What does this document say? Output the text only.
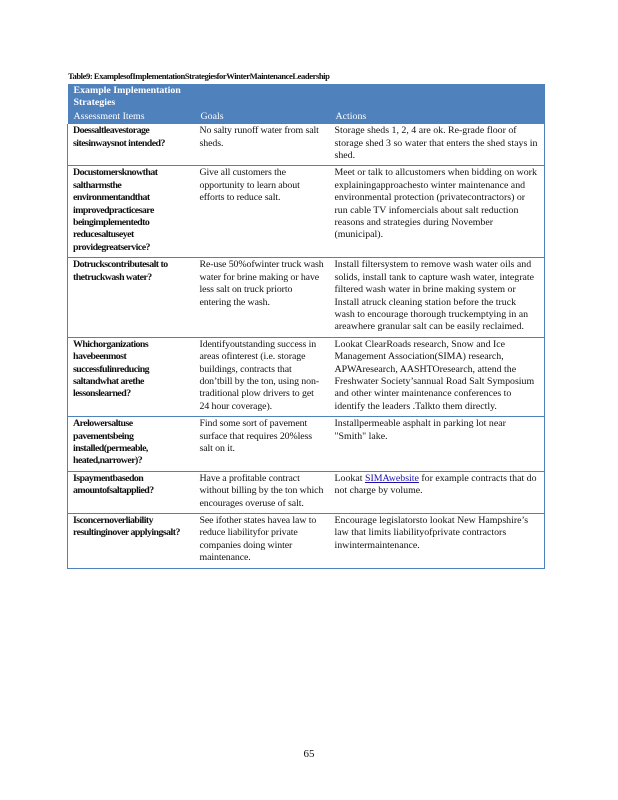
Table9: ExamplesofImplementationStrategiesforWinterMaintenanceLeadership
Example Implementation Strategies
Assessment Items	Goals	Actions
Doessaltleavestorage sitesinwaysnot intended?	No salty runoff water from salt sheds.	Storage sheds 1, 2, 4 are ok. Re-grade floor of storage shed 3 so water that enters the shed stays in shed.
Docustomersknowthat saltharmsthe environmentandthat improvedpracticesare beingimplementedto reducesaltuseyet providegreatservice?	Give all customers the opportunity to learn about efforts to reduce salt.	Meet or talk to allcustomers when bidding on work explainingapproachesto winter maintenance and environmental protection (privatecontractors) or run cable TV infomercials about salt reduction reasons and strategies during November (municipal).
Dotruckscontributesalt to thetruckwash water?	Re-use 50%ofwinter truck wash water for brine making or have less salt on truck priorto entering the wash.	Install filtersystem to remove wash water oils and solids, install tank to capture wash water, integrate filtered wash water in brine making system or Install atruck cleaning station before the truck wash to encourage thorough truckemptying in an areawhere granular salt can be easily reclaimed.
Whichorganizations havebeenmost successfulinreducing saltandwhat arethe lessonslearned?	Identifyoutstanding success in areas ofinterest (i.e. storage buildings, contracts that don’tbill by the ton, using non-traditional plow drivers to get 24 hour coverage).	Lookat ClearRoads research, Snow and Ice Management Association(SIMA) research, APWAresearch, AASHTOresearch, attend the Freshwater Society’sannual Road Salt Symposium and other winter maintenance conferences to identify the leaders .Talkto them directly.
Arelowersaltuse pavementsbeing installed(permeable, heated,narrower)?	Find some sort of pavement surface that requires 20%less salt on it.	Installpermeable asphalt in parking lot near "Smith" lake.
Ispaymentbasedon amountofsaltapplied?	Have a profitable contract without billing by the ton which encourages overuse of salt.	Lookat SIMAwebsite for example contracts that do not charge by volume.
Isconcernoverliability resultinginover applyingsalt?	See ifother states havea law to reduce liabilityfor private companies doing winter maintenance.	Encourage legislatorsto lookat New Hampshire’s law that limits liabilityofprivate contractors inwintermaintenance.
65
